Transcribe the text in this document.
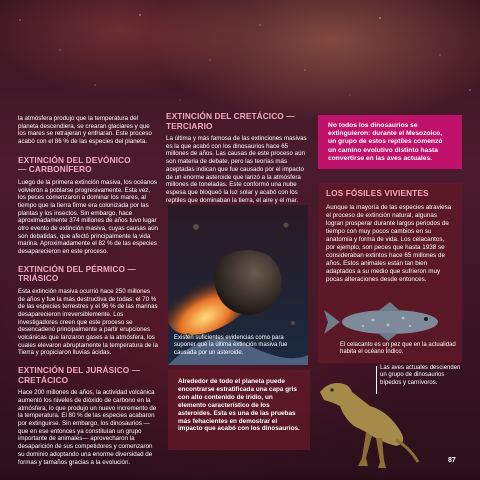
la atmósfera produjo que la temperatura del planeta descendiera, se crearan glaciares y que los mares se retrajeran y enfriaran. Este proceso acabó con el 86 % de las especies del planeta.

EXTINCIÓN DEL DEVÓNICO — CARBONÍFERO

Luego de la primera extinción masiva, los océanos volvieron a poblarse progresivamente. Esta vez, los peces comenzaron a dominar los mares, al tiempo que la tierra firme era colonizada por las plantas y los insectos. Sin embargo, hace aproximadamente 374 millones de años tuvo lugar otro evento de extinción masiva, cuyas causas aún son debatidas, que afectó principalmente la vida marina. Aproximadamente el 82 % de las especies desaparecieron en este proceso.

EXTINCIÓN DEL PÉRMICO — TRIÁSICO

Esta extinción masiva ocurrió hace 250 millones de años y fue la más destructiva de todas: el 70 % de las especies terrestres y el 96 % de las marinas desaparecieron irreversiblemente. Los investigadores creen que este proceso se desencadenó principalmente a partir erupciones volcánicas que lanzaron gases a la atmósfera, los cuales elevaron abruptamente la temperatura de la Tierra y propiciaron lluvias ácidas.

EXTINCIÓN DEL JURÁSICO — CRETÁCICO

Hace 200 millones de años, la actividad volcánica aumentó los niveles de dióxido de carbono en la atmósfera, lo que produjo un nuevo incremento de la temperatura. El 80 % de las especies acabaron por extinguirse. Sin embargo, los dinosaurios —que en ese entonces ya constituían un grupo importante de animales— aprovecharon la desaparición de sus competidores y comenzaron su dominio adoptando una enorme diversidad de formas y tamaños gracias a la evolución.

EXTINCIÓN DEL CRETÁCICO — TERCIARIO

La última y más famosa de las extinciones masivas es la que acabó con los dinosaurios hace 65 millones de años. Las causas de este proceso aún son materia de debate, pero las teorías más aceptadas indican que fue causado por el impacto de un enorme asteroide que lanzó a la atmósfera millones de toneladas. Este conformó una nube espesa que bloqueó la luz solar y acabó con los reptiles que dominaban la tierra, el aire y el mar.

Existen suficientes evidencias como para suponer que la última extinción masiva fue causada por un asteroide.

Alrededor de todo el planeta puede encontrarse estratificada una capa gris con alto contenido de iridio, un elemento característico de los asteroides. Esta es una de las pruebas más fehacientes en demostrar el impacto que acabó con los dinosaurios.

No todos los dinosaurios se extinguieron: durante el Mesozoico, un grupo de estos reptiles comenzó un camino evolutivo distinto hasta convertirse en las aves actuales.

LOS FÓSILES VIVIENTES

Aunque la mayoría de las especies atraviesa el proceso de extinción natural, algunas logran prosperar durante largos periodos de tiempo con muy pocos cambios en su anatomía y forma de vida. Los celacantos, por ejemplo, son peces que hasta 1938 se consideraban extintos hace 65 millones de años. Estos animales están tan bien adaptados a su medio que sufrieron muy pocas alteraciones desde entonces.

El celacanto es un pez que en la actualidad habita el océano Índico.

Las aves actuales descienden un grupo de dinosaurios bípedos y carnívoros.

87
